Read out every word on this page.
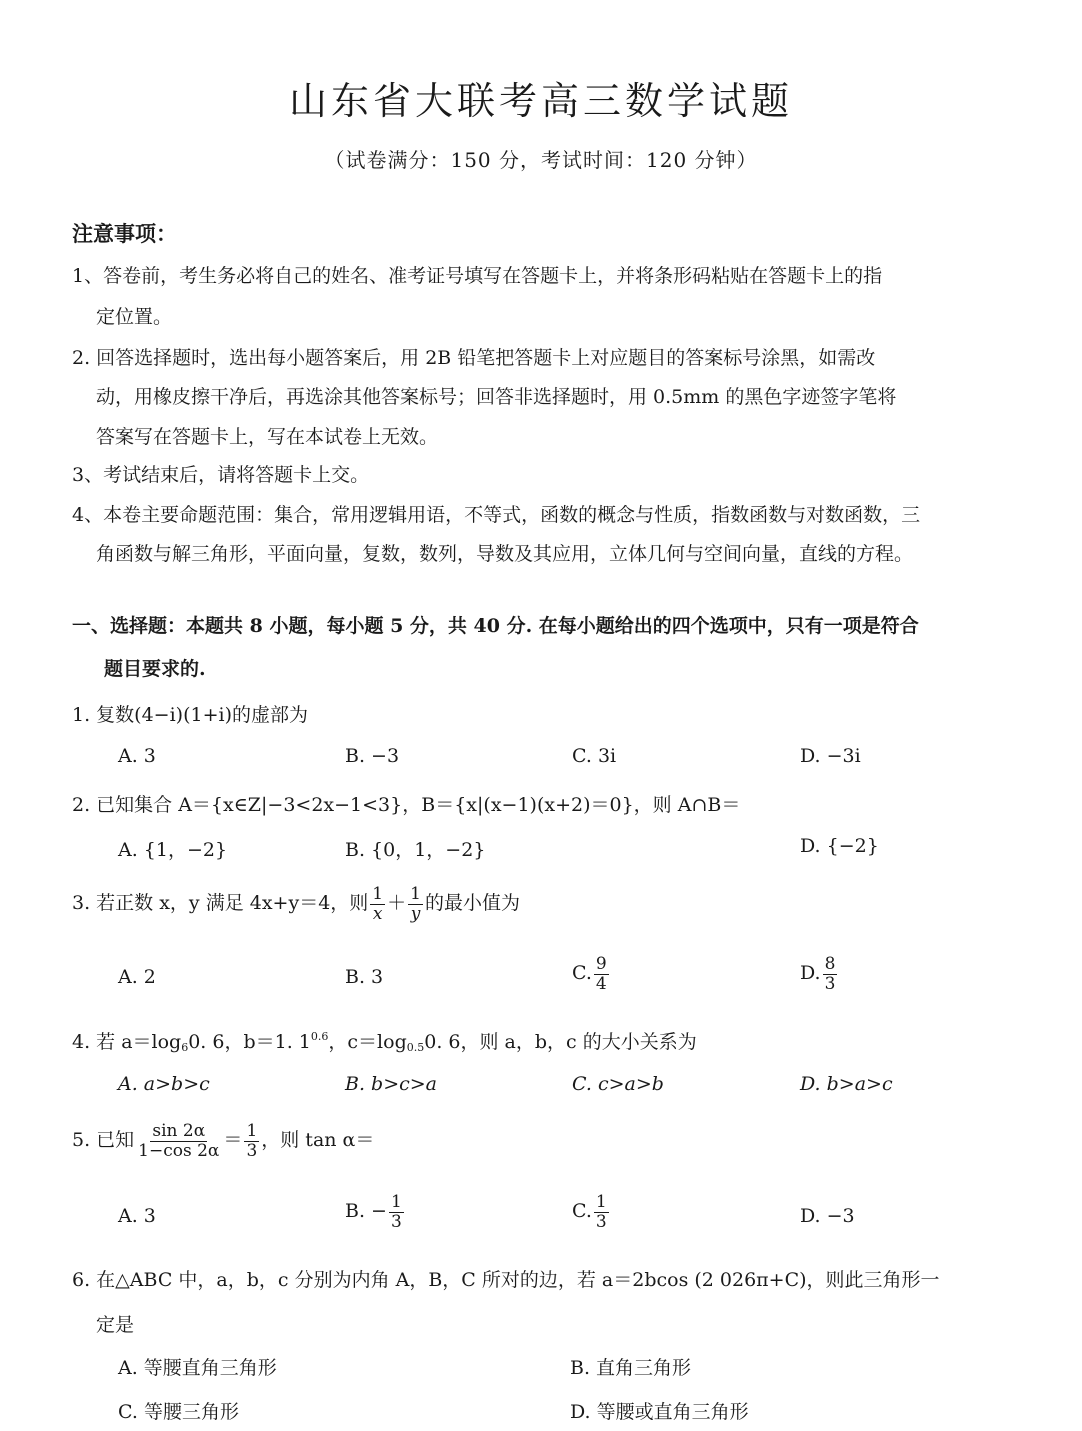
山东省大联考高三数学试题
（试卷满分：150 分，考试时间：120 分钟）
注意事项：
1、答卷前，考生务必将自己的姓名、准考证号填写在答题卡上，并将条形码粘贴在答题卡上的指
定位置。
2. 回答选择题时，选出每小题答案后，用 2B 铅笔把答题卡上对应题目的答案标号涂黑，如需改
动，用橡皮擦干净后，再选涂其他答案标号；回答非选择题时，用 0.5mm 的黑色字迹签字笔将
答案写在答题卡上，写在本试卷上无效。
3、考试结束后，请将答题卡上交。
4、本卷主要命题范围：集合，常用逻辑用语，不等式，函数的概念与性质，指数函数与对数函数，三
角函数与解三角形，平面向量，复数，数列，导数及其应用，立体几何与空间向量，直线的方程。
一、选择题：本题共 8 小题，每小题 5 分，共 40 分. 在每小题给出的四个选项中，只有一项是符合
题目要求的.
1. 复数(4−i)(1+i)的虚部为
A. 3	B. −3	C. 3i	D. −3i
2. 已知集合 A＝{x∈Z|−3<2x−1<3}，B＝{x|(x−1)(x+2)＝0}，则 A∩B＝
A. {1，−2}	B. {0，1，−2}	D. {−2}
3. 若正数 x，y 满足 4x+y＝4，则 $\frac{1}{x} + \frac{1}{y}$ 的最小值为
A. 2	B. 3	C. $\frac{9}{4}$	D. $\frac{8}{3}$
4. 若 $a=\log_60$. 6，b＝1. $1^{0.6}$，$c=\log_{0.5}0$. 6，则 a，b，c 的大小关系为
A. a>b>c	B. b>c>a	C. c>a>b	D. b>a>c
5. 已知 $\frac{\sin 2\alpha}{1-\cos 2\alpha} = \frac{1}{3}$ ，则 tan α＝
A. 3	B. − $\frac{1}{3}$	C. $\frac{1}{3}$	D. −3
6. 在△ABC 中，a，b，c 分别为内角 A，B，C 所对的边，若 a＝2bcos (2 026π+C)，则此三角形一
定是
A. 等腰直角三角形	B. 直角三角形
C. 等腰三角形	D. 等腰或直角三角形
